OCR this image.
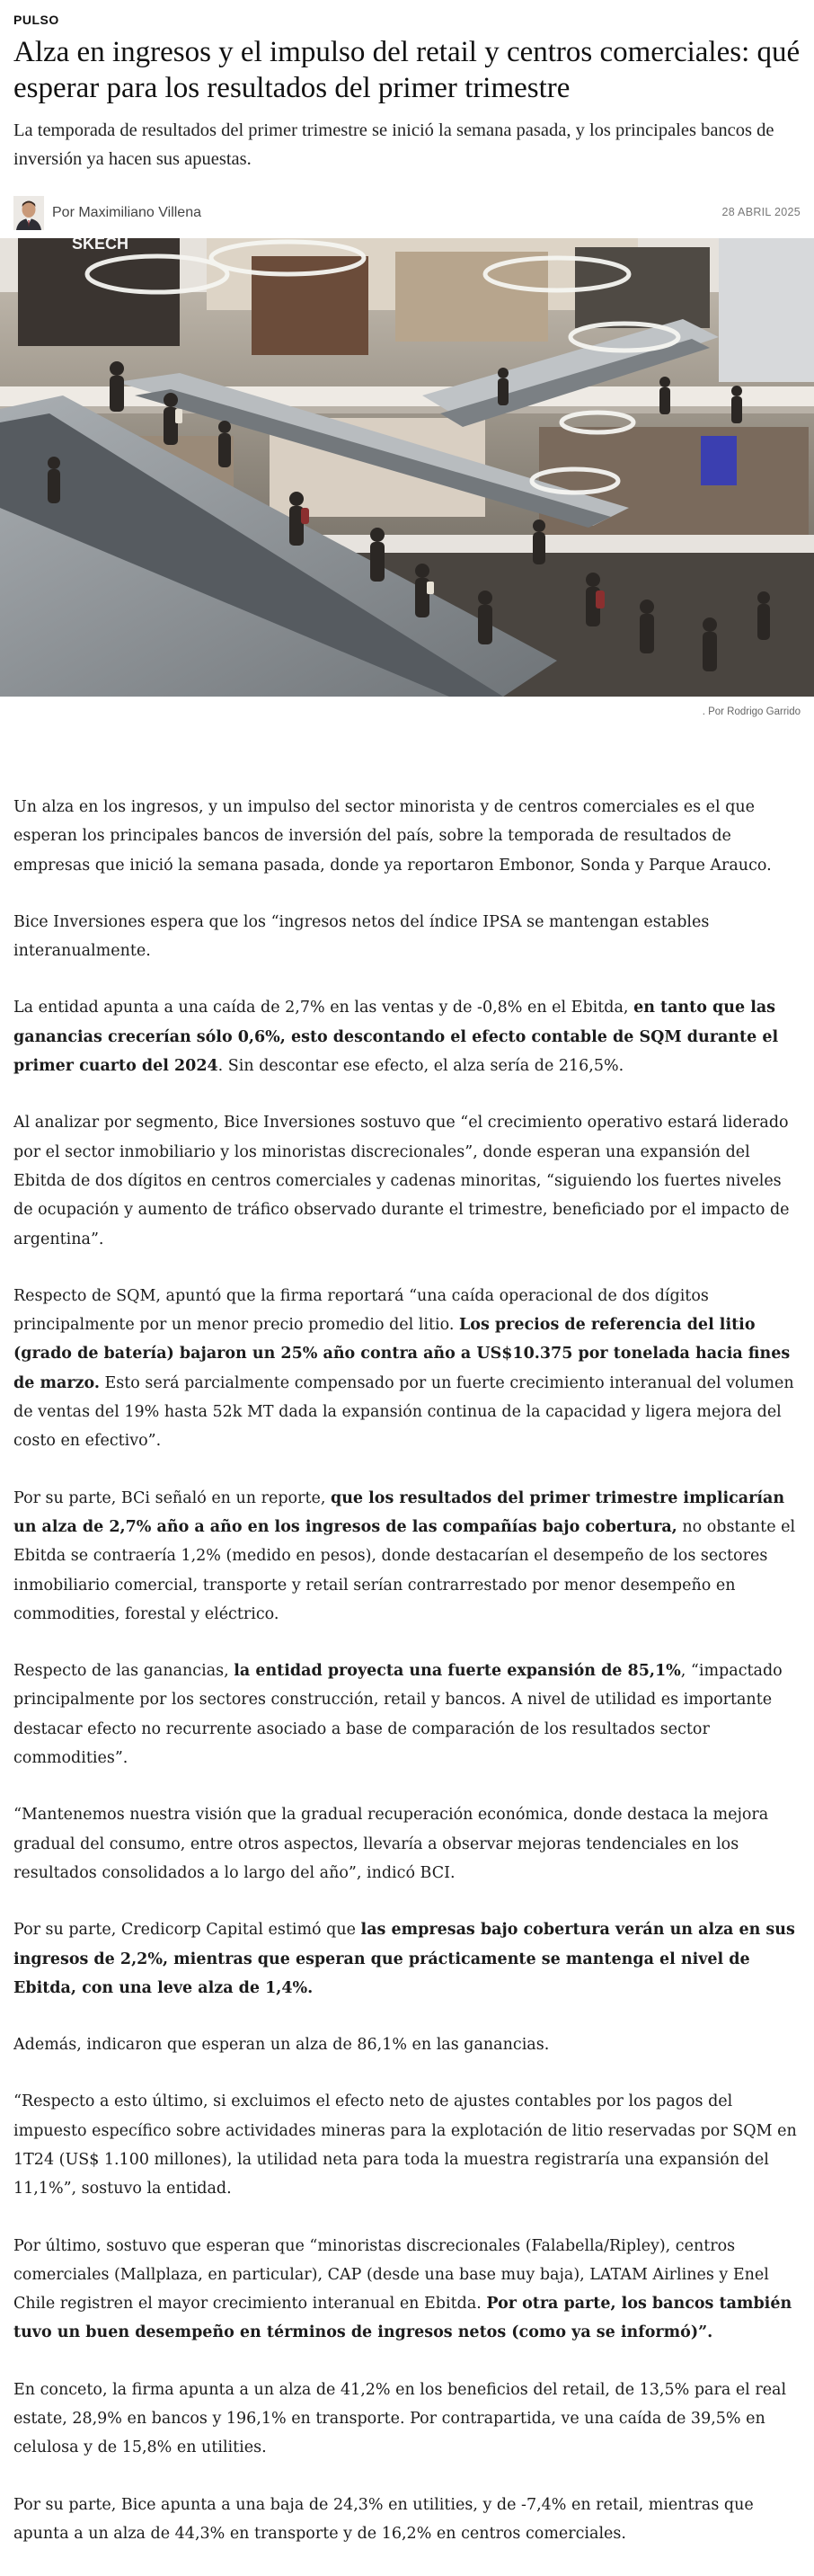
PULSO
Alza en ingresos y el impulso del retail y centros comerciales: qué esperar para los resultados del primer trimestre

La temporada de resultados del primer trimestre se inició la semana pasada, y los principales bancos de inversión ya hacen sus apuestas.

Por Maximiliano Villena	28 ABRIL 2025
SKECH
. Por Rodrigo Garrido

Un alza en los ingresos, y un impulso del sector minorista y de centros comerciales es el que esperan los principales bancos de inversión del país, sobre la temporada de resultados de empresas que inició la semana pasada, donde ya reportaron Embonor, Sonda y Parque Arauco.

Bice Inversiones espera que los “ingresos netos del índice IPSA se mantengan estables interanualmente.

La entidad apunta a una caída de 2,7% en las ventas y de -0,8% en el Ebitda, en tanto que las ganancias crecerían sólo 0,6%, esto descontando el efecto contable de SQM durante el primer cuarto del 2024. Sin descontar ese efecto, el alza sería de 216,5%.

Al analizar por segmento, Bice Inversiones sostuvo que “el crecimiento operativo estará liderado por el sector inmobiliario y los minoristas discrecionales”, donde esperan una expansión del Ebitda de dos dígitos en centros comerciales y cadenas minoritas, “siguiendo los fuertes niveles de ocupación y aumento de tráfico observado durante el trimestre, beneficiado por el impacto de argentina”.

Respecto de SQM, apuntó que la firma reportará “una caída operacional de dos dígitos principalmente por un menor precio promedio del litio. Los precios de referencia del litio (grado de batería) bajaron un 25% año contra año a US$10.375 por tonelada hacia fines de marzo. Esto será parcialmente compensado por un fuerte crecimiento interanual del volumen de ventas del 19% hasta 52k MT dada la expansión continua de la capacidad y ligera mejora del costo en efectivo”.

Por su parte, BCi señaló en un reporte, que los resultados del primer trimestre implicarían un alza de 2,7% año a año en los ingresos de las compañías bajo cobertura, no obstante el Ebitda se contraería 1,2% (medido en pesos), donde destacarían el desempeño de los sectores inmobiliario comercial, transporte y retail serían contrarrestado por menor desempeño en commodities, forestal y eléctrico.

Respecto de las ganancias, la entidad proyecta una fuerte expansión de 85,1%, “impactado principalmente por los sectores construcción, retail y bancos. A nivel de utilidad es importante destacar efecto no recurrente asociado a base de comparación de los resultados sector commodities”.

“Mantenemos nuestra visión que la gradual recuperación económica, donde destaca la mejora gradual del consumo, entre otros aspectos, llevaría a observar mejoras tendenciales en los resultados consolidados a lo largo del año”, indicó BCI.

Por su parte, Credicorp Capital estimó que las empresas bajo cobertura verán un alza en sus ingresos de 2,2%, mientras que esperan que prácticamente se mantenga el nivel de Ebitda, con una leve alza de 1,4%.

Además, indicaron que esperan un alza de 86,1% en las ganancias.

“Respecto a esto último, si excluimos el efecto neto de ajustes contables por los pagos del impuesto específico sobre actividades mineras para la explotación de litio reservadas por SQM en 1T24 (US$ 1.100 millones), la utilidad neta para toda la muestra registraría una expansión del 11,1%”, sostuvo la entidad.

Por último, sostuvo que esperan que “minoristas discrecionales (Falabella/Ripley), centros comerciales (Mallplaza, en particular), CAP (desde una base muy baja), LATAM Airlines y Enel Chile registren el mayor crecimiento interanual en Ebitda. Por otra parte, los bancos también tuvo un buen desempeño en términos de ingresos netos (como ya se informó)”.

En conceto, la firma apunta a un alza de 41,2% en los beneficios del retail, de 13,5% para el real estate, 28,9% en bancos y 196,1% en transporte. Por contrapartida, ve una caída de 39,5% en celulosa y de 15,8% en utilities.

Por su parte, Bice apunta a una baja de 24,3% en utilities, y de -7,4% en retail, mientras que apunta a un alza de 44,3% en transporte y de 16,2% en centros comerciales.
